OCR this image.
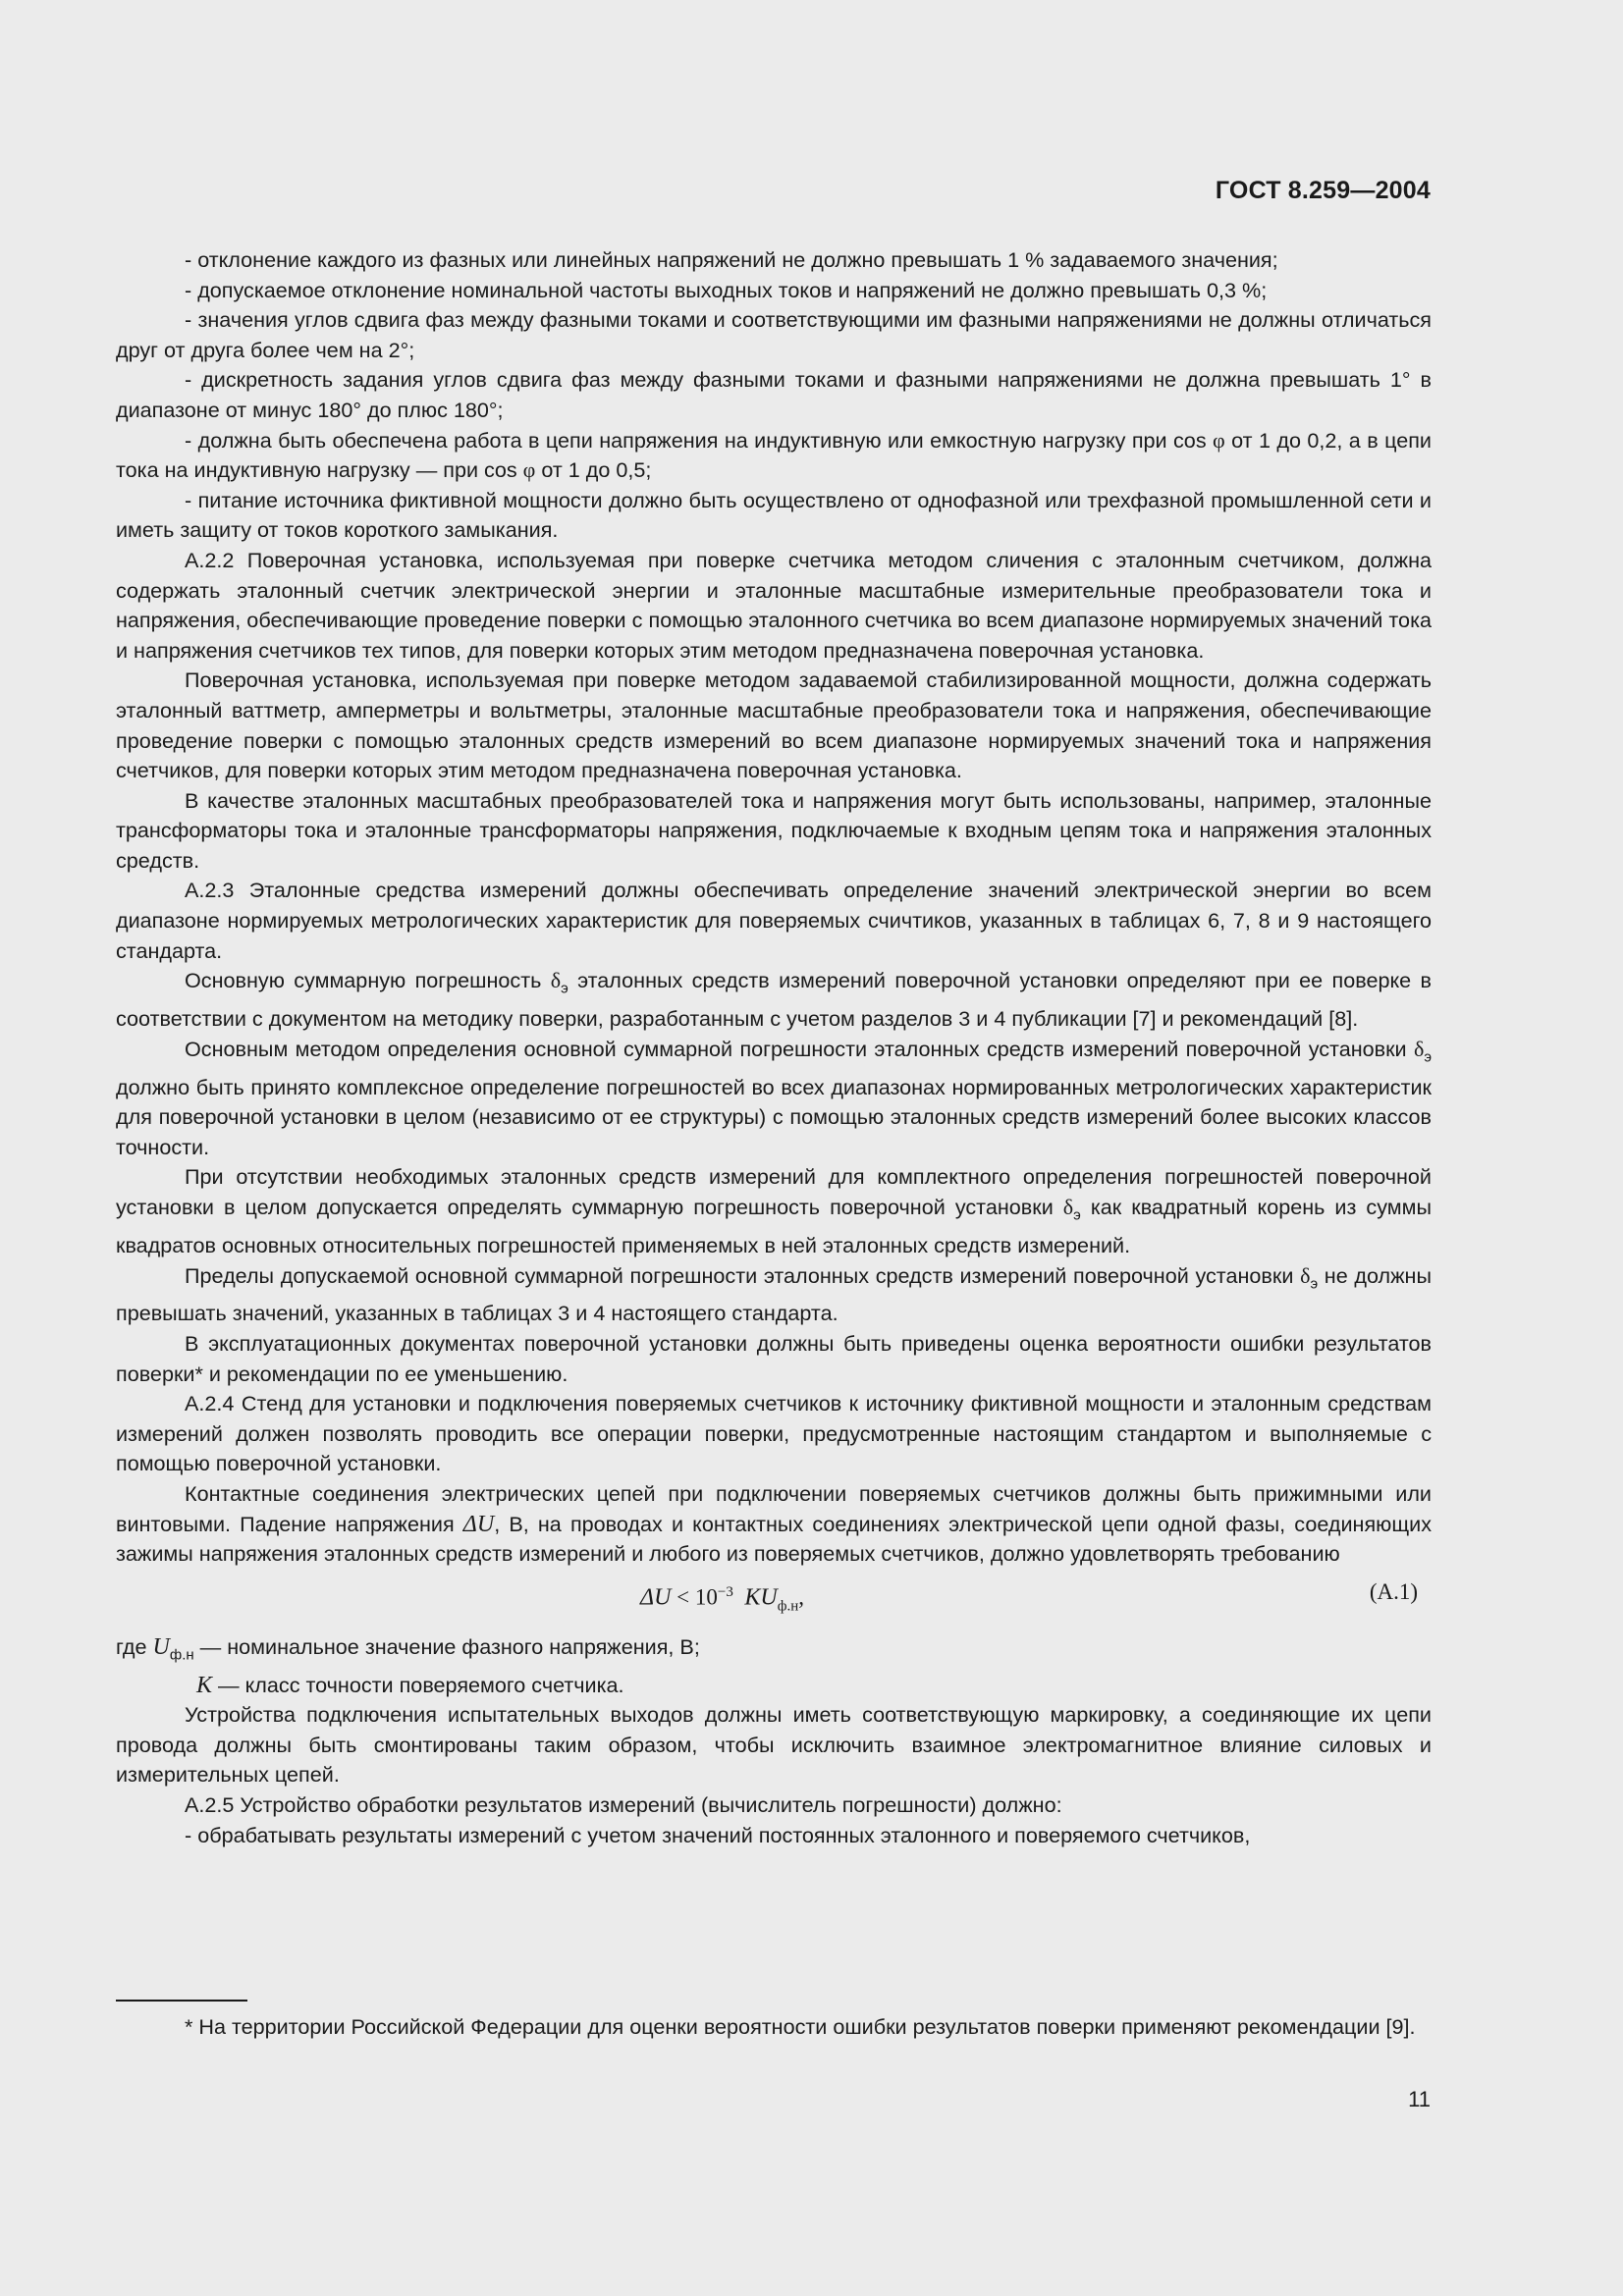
ГОСТ 8.259—2004

- отклонение каждого из фазных или линейных напряжений не должно превышать 1 % задаваемого значения;

- допускаемое отклонение номинальной частоты выходных токов и напряжений не должно превышать 0,3 %;

- значения углов сдвига фаз между фазными токами и соответствующими им фазными напряжениями не должны отличаться друг от друга более чем на 2°;

- дискретность задания углов сдвига фаз между фазными токами и фазными напряжениями не должна превышать 1° в диапазоне от минус 180° до плюс 180°;

- должна быть обеспечена работа в цепи напряжения на индуктивную или емкостную нагрузку при cos φ от 1 до 0,2, а в цепи тока на индуктивную нагрузку — при cos φ от 1 до 0,5;

- питание источника фиктивной мощности должно быть осуществлено от однофазной или трехфазной промышленной сети и иметь защиту от токов короткого замыкания.

А.2.2 Поверочная установка, используемая при поверке счетчика методом сличения с эталонным счетчиком, должна содержать эталонный счетчик электрической энергии и эталонные масштабные измерительные преобразователи тока и напряжения, обеспечивающие проведение поверки с помощью эталонного счетчика во всем диапазоне нормируемых значений тока и напряжения счетчиков тех типов, для поверки которых этим методом предназначена поверочная установка.

Поверочная установка, используемая при поверке методом задаваемой стабилизированной мощности, должна содержать эталонный ваттметр, амперметры и вольтметры, эталонные масштабные преобразователи тока и напряжения, обеспечивающие проведение поверки с помощью эталонных средств измерений во всем диапазоне нормируемых значений тока и напряжения счетчиков, для поверки которых этим методом предназначена поверочная установка.

В качестве эталонных масштабных преобразователей тока и напряжения могут быть использованы, например, эталонные трансформаторы тока и эталонные трансформаторы напряжения, подключаемые к входным цепям тока и напряжения эталонных средств.

А.2.3 Эталонные средства измерений должны обеспечивать определение значений электрической энергии во всем диапазоне нормируемых метрологических характеристик для поверяемых счичтиков, указанных в таблицах 6, 7, 8 и 9 настоящего стандарта.

Основную суммарную погрешность $\delta_э$ эталонных средств измерений поверочной установки определяют при ее поверке в соответствии с документом на методику поверки, разработанным с учетом разделов 3 и 4 публикации [7] и рекомендаций [8].

Основным методом определения основной суммарной погрешности эталонных средств измерений поверочной установки $\delta_э$ должно быть принято комплексное определение погрешностей во всех диапазонах нормированных метрологических характеристик для поверочной установки в целом (независимо от ее структуры) с помощью эталонных средств измерений более высоких классов точности.

При отсутствии необходимых эталонных средств измерений для комплектного определения погрешностей поверочной установки в целом допускается определять суммарную погрешность поверочной установки $\delta_э$ как квадратный корень из суммы квадратов основных относительных погрешностей применяемых в ней эталонных средств измерений.

Пределы допускаемой основной суммарной погрешности эталонных средств измерений поверочной установки $\delta_э$ не должны превышать значений, указанных в таблицах 3 и 4 настоящего стандарта.

В эксплуатационных документах поверочной установки должны быть приведены оценка вероятности ошибки результатов поверки* и рекомендации по ее уменьшению.

А.2.4 Стенд для установки и подключения поверяемых счетчиков к источнику фиктивной мощности и эталонным средствам измерений должен позволять проводить все операции поверки, предусмотренные настоящим стандартом и выполняемые с помощью поверочной установки.

Контактные соединения электрических цепей при подключении поверяемых счетчиков должны быть прижимными или винтовыми. Падение напряжения ΔU, В, на проводах и контактных соединениях электрической цепи одной фазы, соединяющих зажимы напряжения эталонных средств измерений и любого из поверяемых счетчиков, должно удовлетворять требованию

$\Delta U < 10^{-3}$ $KU_{ф.н}$,	(А.1)

где $U_{ф.н}$ — номинальное значение фазного напряжения, В;

K — класс точности поверяемого счетчика.

Устройства подключения испытательных выходов должны иметь соответствующую маркировку, а соединяющие их цепи провода должны быть смонтированы таким образом, чтобы исключить взаимное электромагнитное влияние силовых и измерительных цепей.

А.2.5 Устройство обработки результатов измерений (вычислитель погрешности) должно:

- обрабатывать результаты измерений с учетом значений постоянных эталонного и поверяемого счетчиков,

* На территории Российской Федерации для оценки вероятности ошибки результатов поверки применяют рекомендации [9].

11
